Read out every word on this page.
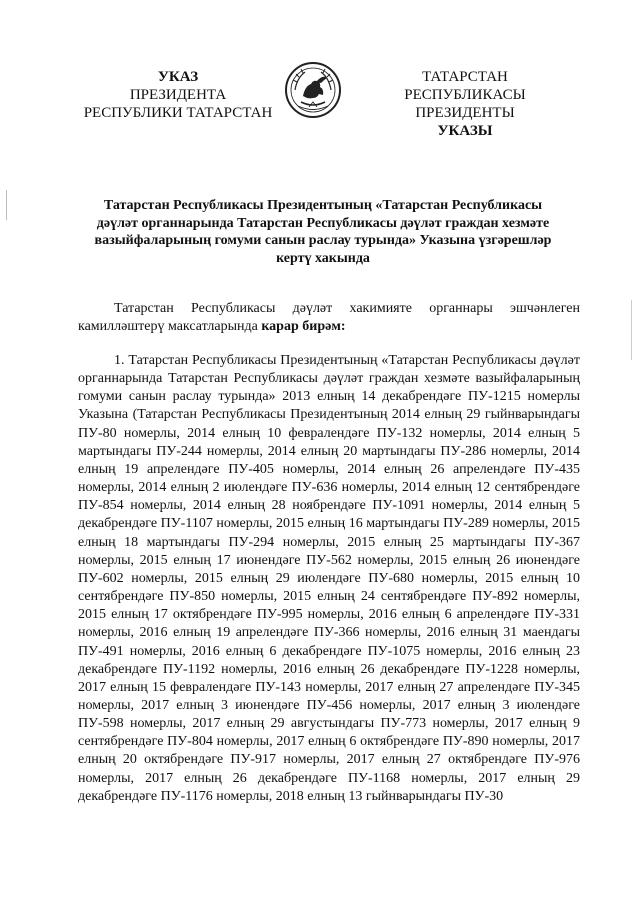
УКАЗ
ПРЕЗИДЕНТА
РЕСПУБЛИКИ ТАТАРСТАН
ТАТАРСТАН РЕСПУБЛИКАСЫ
ПРЕЗИДЕНТЫ
УКАЗЫ
Татарстан Республикасы Президентының «Татарстан Республикасы дәүләт органнарында Татарстан Республикасы дәүләт граждан хезмәте вазыйфаларының гомуми санын раслау турында» Указына үзгәрешләр кертү хакында
Татарстан Республикасы дәүләт хакимияте органнары эшчәнлеген камилләштерү максатларында карар бирәм:
1. Татарстан Республикасы Президентының «Татарстан Республикасы дәүләт органнарында Татарстан Республикасы дәүләт граждан хезмәте вазыйфаларының гомуми санын раслау турында» 2013 елның 14 декабрендәге ПУ-1215 номерлы Указына (Татарстан Республикасы Президентының 2014 елның 29 гыйнварындагы ПУ-80 номерлы, 2014 елның 10 февралендәге ПУ-132 номерлы, 2014 елның 5 мартындагы ПУ-244 номерлы, 2014 елның 20 мартындагы ПУ-286 номерлы, 2014 елның 19 апрелендәге ПУ-405 номерлы, 2014 елның 26 апрелендәге ПУ-435 номерлы, 2014 елның 2 июлендәге ПУ-636 номерлы, 2014 елның 12 сентябрендәге ПУ-854 номерлы, 2014 елның 28 ноябрендәге ПУ-1091 номерлы, 2014 елның 5 декабрендәге ПУ-1107 номерлы, 2015 елның 16 мартындагы ПУ-289 номерлы, 2015 елның 18 мартындагы ПУ-294 номерлы, 2015 елның 25 мартындагы ПУ-367 номерлы, 2015 елның 17 июнендәге ПУ-562 номерлы, 2015 елның 26 июнендәге ПУ-602 номерлы, 2015 елның 29 июлендәге ПУ-680 номерлы, 2015 елның 10 сентябрендәге ПУ-850 номерлы, 2015 елның 24 сентябрендәге ПУ-892 номерлы, 2015 елның 17 октябрендәге ПУ-995 номерлы, 2016 елның 6 апрелендәге ПУ-331 номерлы, 2016 елның 19 апрелендәге ПУ-366 номерлы, 2016 елның 31 маендагы ПУ-491 номерлы, 2016 елның 6 декабрендәге ПУ-1075 номерлы, 2016 елның 23 декабрендәге ПУ-1192 номерлы, 2016 елның 26 декабрендәге ПУ-1228 номерлы, 2017 елның 15 февралендәге ПУ-143 номерлы, 2017 елның 27 апрелендәге ПУ-345 номерлы, 2017 елның 3 июнендәге ПУ-456 номерлы, 2017 елның 3 июлендәге ПУ-598 номерлы, 2017 елның 29 августындагы ПУ-773 номерлы, 2017 елның 9 сентябрендәге ПУ-804 номерлы, 2017 елның 6 октябрендәге ПУ-890 номерлы, 2017 елның 20 октябрендәге ПУ-917 номерлы, 2017 елның 27 октябрендәге ПУ-976 номерлы, 2017 елның 26 декабрендәге ПУ-1168 номерлы, 2017 елның 29 декабрендәге ПУ-1176 номерлы, 2018 елның 13 гыйнварындагы ПУ-30
